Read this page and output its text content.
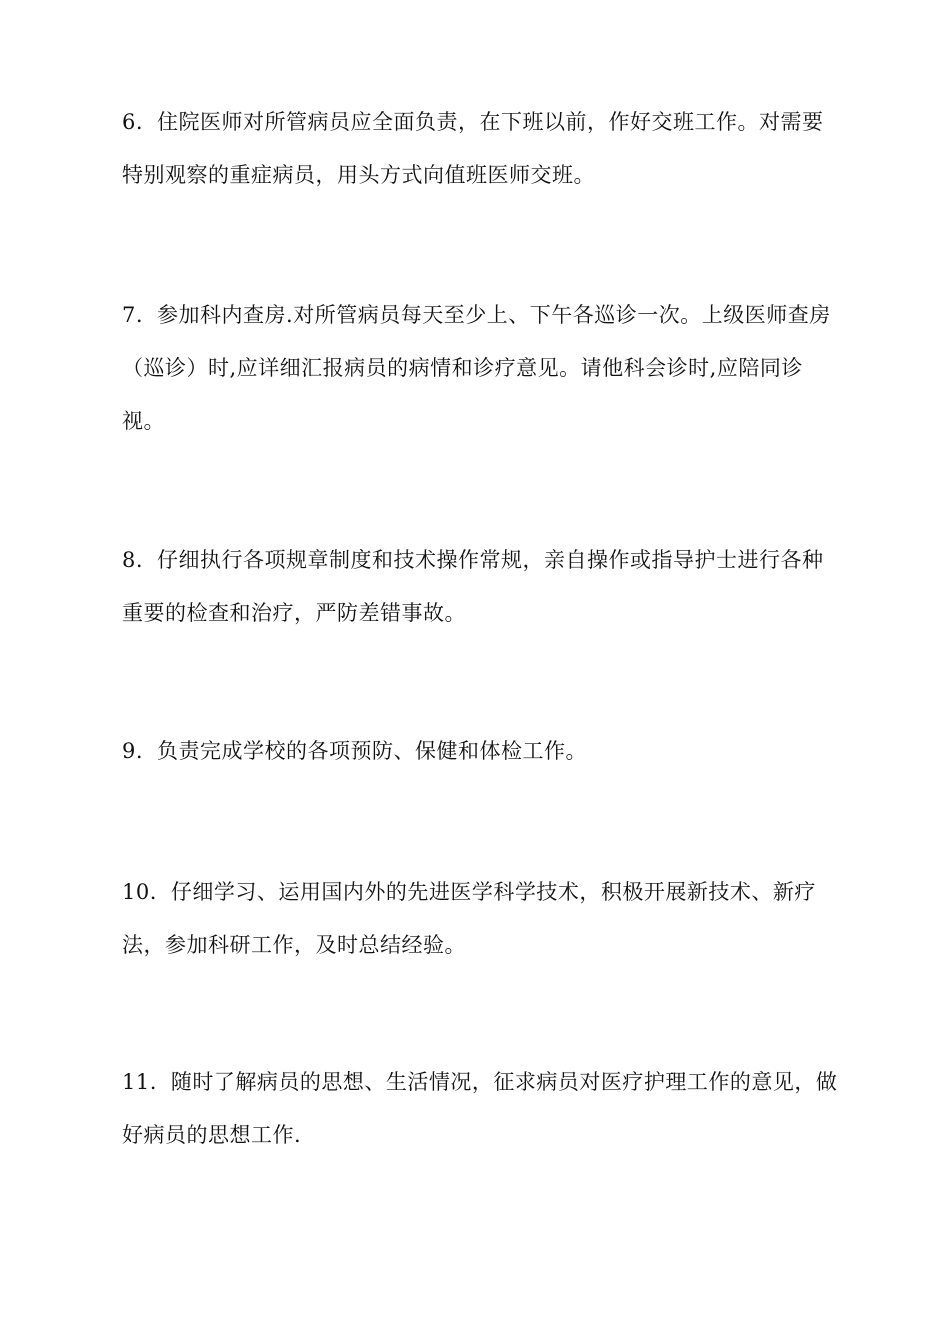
6. 住院医师对所管病员应全面负责，在下班以前，作好交班工作。对需要特别观察的重症病员，用头方式向值班医师交班。

7. 参加科内查房.对所管病员每天至少上、下午各巡诊一次。上级医师查房（巡诊）时,应详细汇报病员的病情和诊疗意见。请他科会诊时,应陪同诊视。

8. 仔细执行各项规章制度和技术操作常规，亲自操作或指导护士进行各种重要的检查和治疗，严防差错事故。

9. 负责完成学校的各项预防、保健和体检工作。

10. 仔细学习、运用国内外的先进医学科学技术，积极开展新技术、新疗法，参加科研工作，及时总结经验。

11. 随时了解病员的思想、生活情况，征求病员对医疗护理工作的意见，做好病员的思想工作.
